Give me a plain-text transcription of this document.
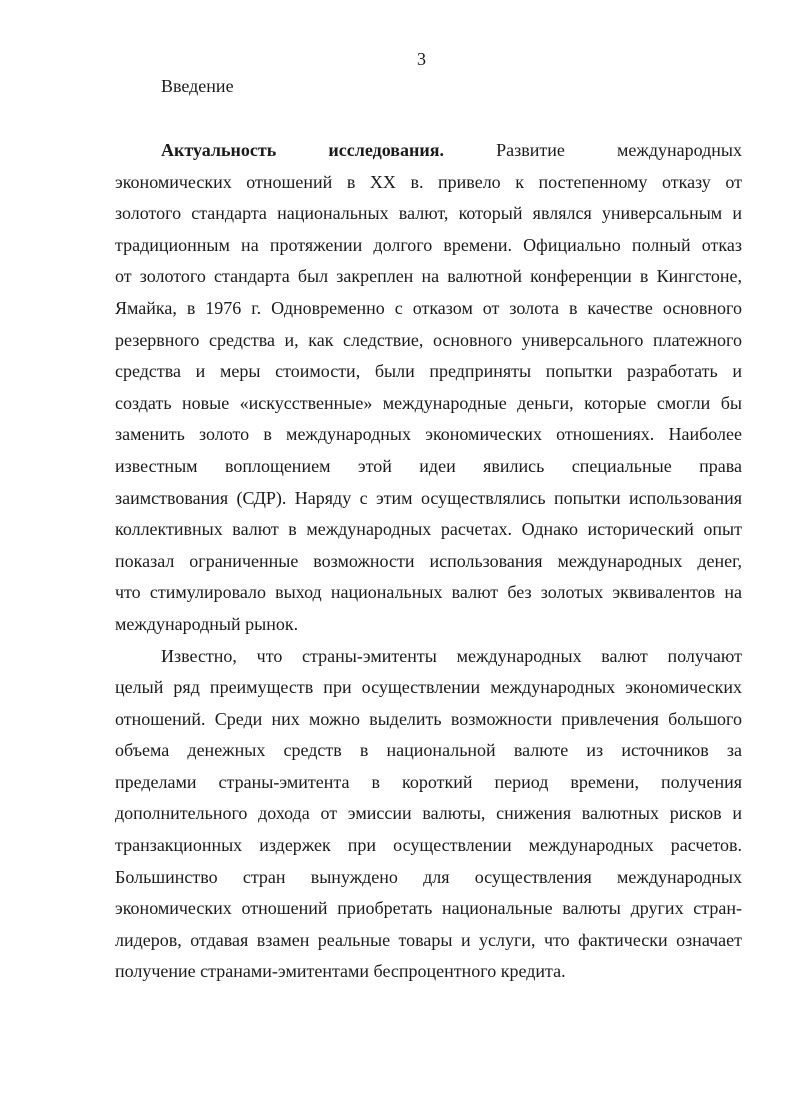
3
Введение
Актуальность исследования. Развитие международных
экономических отношений в XX в. привело к постепенному отказу от
золотого стандарта национальных валют, который являлся универсальным и
традиционным на протяжении долгого времени. Официально полный отказ
от золотого стандарта был закреплен на валютной конференции в Кингстоне,
Ямайка, в 1976 г. Одновременно с отказом от золота в качестве основного
резервного средства и, как следствие, основного универсального платежного
средства и меры стоимости, были предприняты попытки разработать и
создать новые «искусственные» международные деньги, которые смогли бы
заменить золото в международных экономических отношениях. Наиболее
известным воплощением этой идеи явились специальные права
заимствования (СДР). Наряду с этим осуществлялись попытки использования
коллективных валют в международных расчетах. Однако исторический опыт
показал ограниченные возможности использования международных денег,
что стимулировало выход национальных валют без золотых эквивалентов на
международный рынок.
Известно, что страны-эмитенты международных валют получают
целый ряд преимуществ при осуществлении международных экономических
отношений. Среди них можно выделить возможности привлечения большого
объема денежных средств в национальной валюте из источников за
пределами страны-эмитента в короткий период времени, получения
дополнительного дохода от эмиссии валюты, снижения валютных рисков и
транзакционных издержек при осуществлении международных расчетов.
Большинство стран вынуждено для осуществления международных
экономических отношений приобретать национальные валюты других стран-
лидеров, отдавая взамен реальные товары и услуги, что фактически означает
получение странами-эмитентами беспроцентного кредита.
